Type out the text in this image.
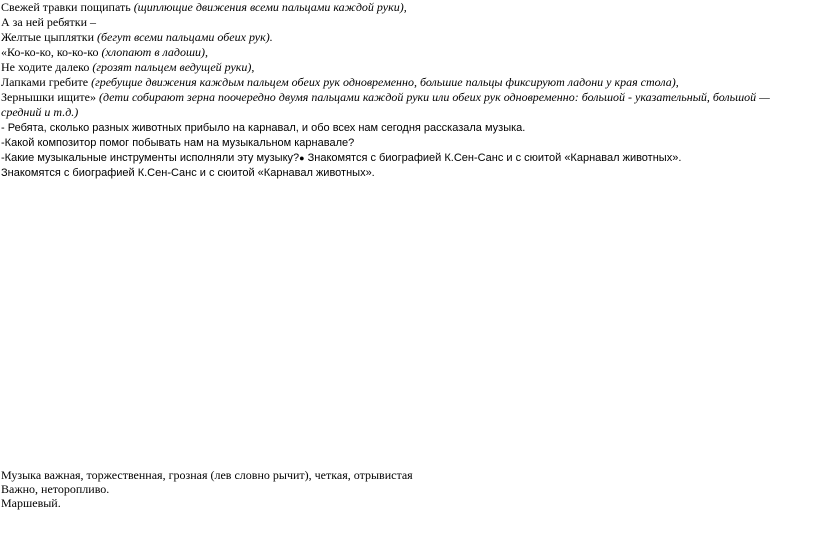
Свежей травки пощипать (щиплющие движения всеми пальцами каждой руки),
А за ней ребятки –
Желтые цыплятки (бегут всеми пальцами обеих рук).
«Ко-ко-ко, ко-ко-ко (хлопают в ладоши),
Не ходите далеко (грозят пальцем ведущей руки),
Лапками гребите (гребущие движения каждым пальцем обеих рук одновременно, большие пальцы фиксируют ладони у края стола),
Зернышки ищите» (дети собирают зерна поочередно двумя пальцами каждой руки или обеих рук одновременно: большой - указательный, большой — средний и т.д.)
- Ребята, сколько разных животных прибыло на карнавал, и обо всех нам сегодня рассказала музыка.
-Какой композитор помог побывать нам на музыкальном карнавале?
-Какие музыкальные инструменты исполняли эту музыку?● Знакомятся с биографией К.Сен-Санс и с сюитой «Карнавал животных».
Знакомятся с биографией К.Сен-Санс и с сюитой «Карнавал животных».
Музыка важная, торжественная, грозная (лев словно рычит), четкая, отрывистая
Важно, неторопливо.
Маршевый.
